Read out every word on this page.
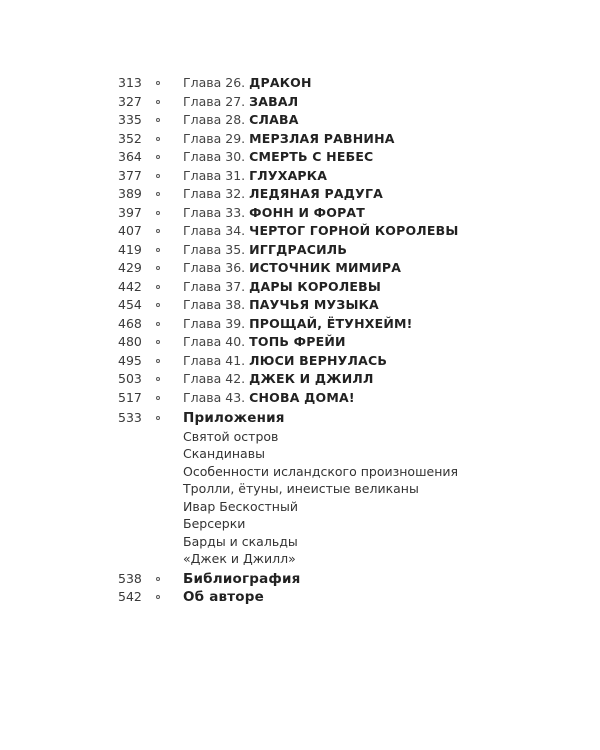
313	Глава 26. ДРАКОН
327	Глава 27. ЗАВАЛ
335	Глава 28. СЛАВА
352	Глава 29. МЕРЗЛАЯ РАВНИНА
364	Глава 30. СМЕРТЬ С НЕБЕС
377	Глава 31. ГЛУХАРКА
389	Глава 32. ЛЕДЯНАЯ РАДУГА
397	Глава 33. ФОНН И ФОРАТ
407	Глава 34. ЧЕРТОГ ГОРНОЙ КОРОЛЕВЫ
419	Глава 35. ИГГДРАСИЛЬ
429	Глава 36. ИСТОЧНИК МИМИРА
442	Глава 37. ДАРЫ КОРОЛЕВЫ
454	Глава 38. ПАУЧЬЯ МУЗЫКА
468	Глава 39. ПРОЩАЙ, ЁТУНХЕЙМ!
480	Глава 40. ТОПЬ ФРЕЙИ
495	Глава 41. ЛЮСИ ВЕРНУЛАСЬ
503	Глава 42. ДЖЕК И ДЖИЛЛ
517	Глава 43. СНОВА ДОМА!
533	Приложения
Святой остров
Скандинавы
Особенности исландского произношения
Тролли, ётуны, инеистые великаны
Ивар Бескостный
Берсерки
Барды и скальды
«Джек и Джилл»
538	Библиография
542	Об авторе
